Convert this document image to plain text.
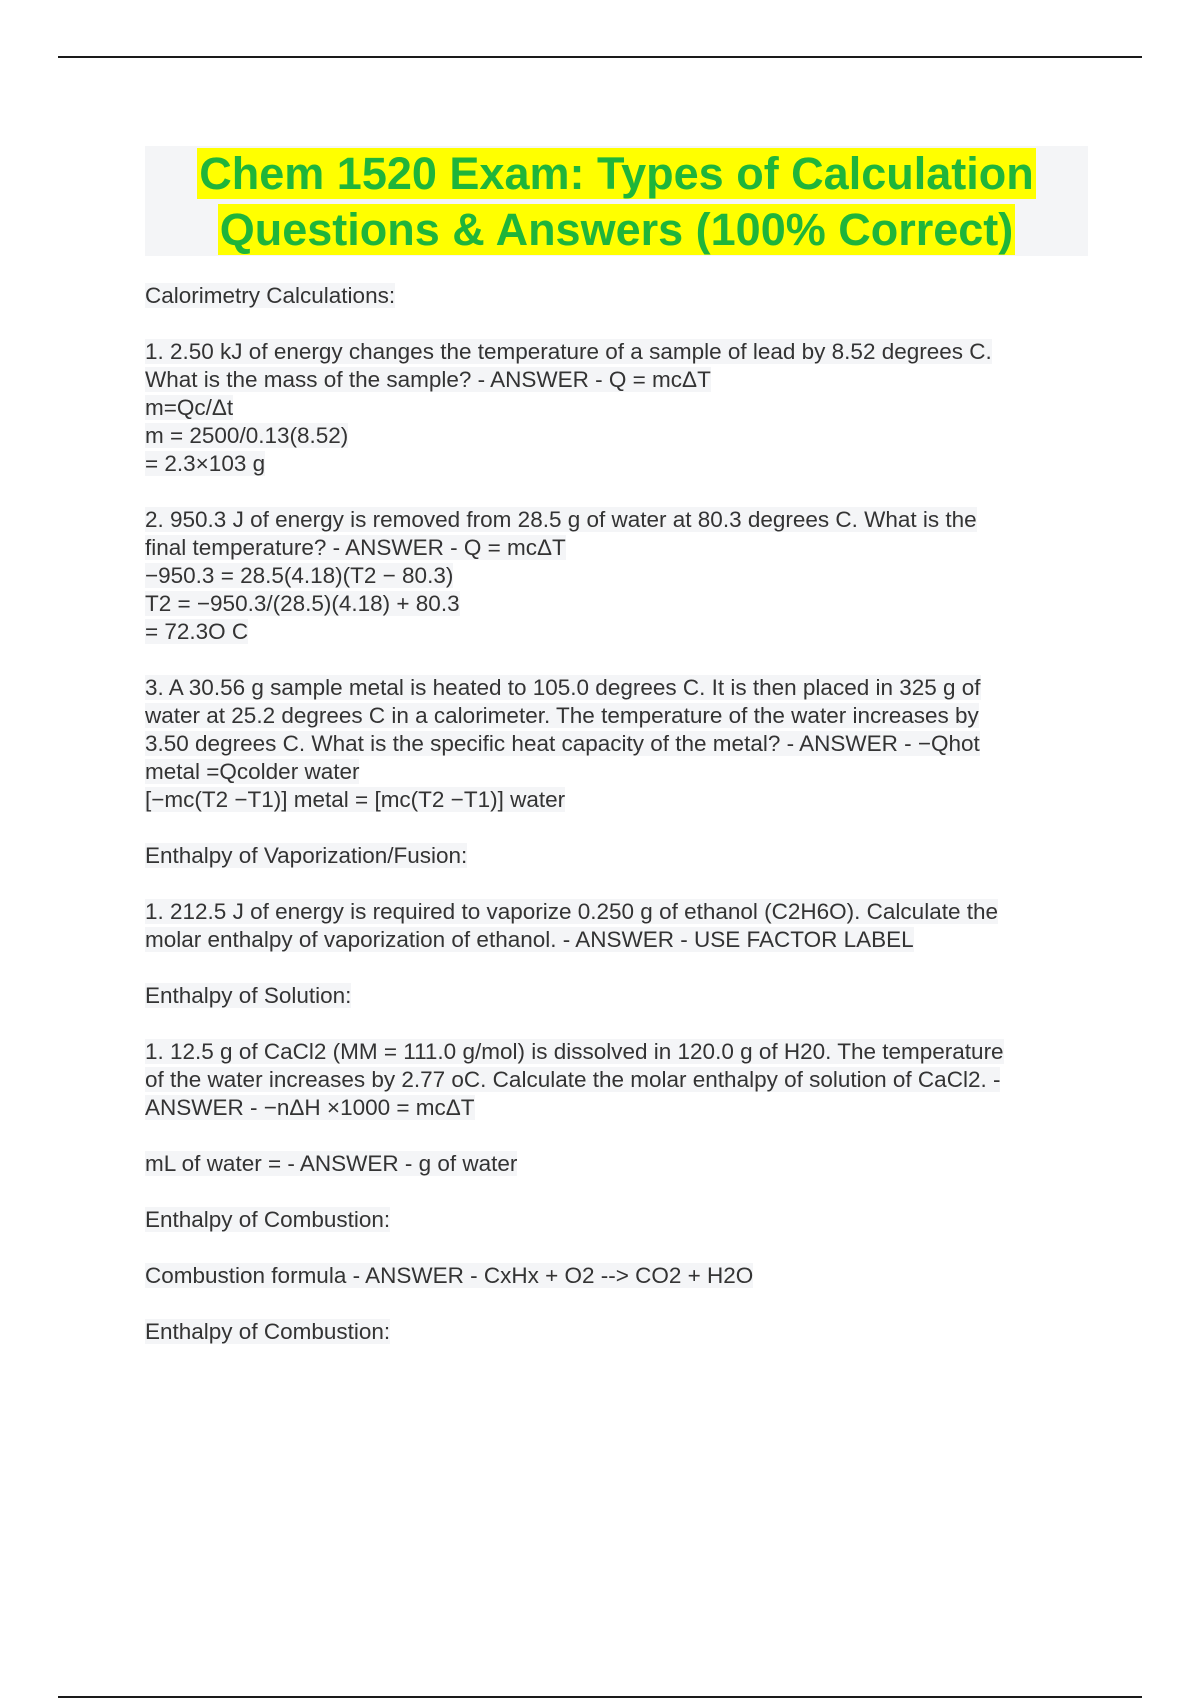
Chem 1520 Exam: Types of Calculation
Questions & Answers (100% Correct)

Calorimetry Calculations:

1. 2.50 kJ of energy changes the temperature of a sample of lead by 8.52 degrees C.
What is the mass of the sample? - ANSWER - Q = mcΔT
m=Qc/Δt
m = 2500/0.13(8.52)
= 2.3×103 g

2. 950.3 J of energy is removed from 28.5 g of water at 80.3 degrees C. What is the
final temperature? - ANSWER - Q = mcΔT
−950.3 = 28.5(4.18)(T2 − 80.3)
T2 = −950.3/(28.5)(4.18) + 80.3
= 72.3O C

3. A 30.56 g sample metal is heated to 105.0 degrees C. It is then placed in 325 g of
water at 25.2 degrees C in a calorimeter. The temperature of the water increases by
3.50 degrees C. What is the specific heat capacity of the metal? - ANSWER - −Qhot
metal =Qcolder water
[−mc(T2 −T1)] metal = [mc(T2 −T1)] water

Enthalpy of Vaporization/Fusion:

1. 212.5 J of energy is required to vaporize 0.250 g of ethanol (C2H6O). Calculate the
molar enthalpy of vaporization of ethanol. - ANSWER - USE FACTOR LABEL

Enthalpy of Solution:

1. 12.5 g of CaCl2 (MM = 111.0 g/mol) is dissolved in 120.0 g of H20. The temperature
of the water increases by 2.77 oC. Calculate the molar enthalpy of solution of CaCl2. -
ANSWER - −nΔH ×1000 = mcΔT

mL of water = - ANSWER - g of water

Enthalpy of Combustion:

Combustion formula - ANSWER - CxHx + O2 --> CO2 + H2O

Enthalpy of Combustion:
